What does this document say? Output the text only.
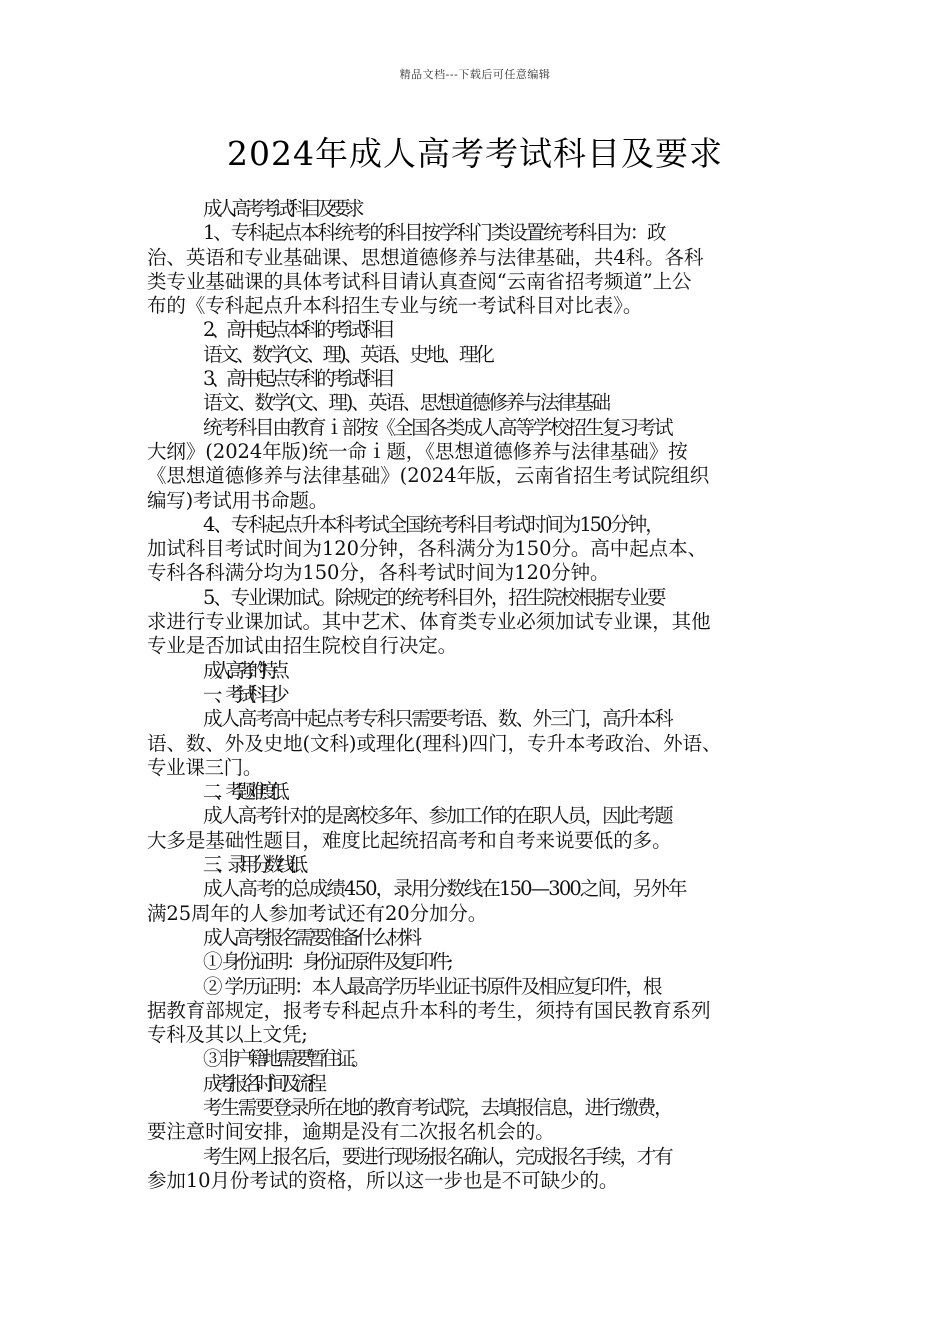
精品文档---下载后可任意编辑
2024年成人高考考试科目及要求
成人高考考试科目及要求
1、专科起点本科统考的科目按学科门类设置统考科目为：政
治、英语和专业基础课、思想道德修养与法律基础，共4科。各科
类专业基础课的具体考试科目请认真查阅“云南省招考频道”上公
布的《专科起点升本科招生专业与统一考试科目对比表》。
2、高中起点本科的考试科目
语文、数学(文、理)、英语、史地、理化
3、高中起点专科的考试科目
语文、数学(文、理)、英语、思想道德修养与法律基础
统考科目由教育ｉ部按《全国各类成人高等学校招生复习考试
大纲》(2024年版)统一命ｉ题，《思想道德修养与法律基础》按
《思想道德修养与法律基础》(2024年版，云南省招生考试院组织
编写)考试用书命题。
4、专科起点升本科考试全国统考科目考试时间为150分钟，
加试科目考试时间为120分钟，各科满分为150分。高中起点本、
专科各科满分均为150分，各科考试时间为120分钟。
5、专业课加试。除规定的统考科目外，招生院校根据专业要
求进行专业课加试。其中艺术、体育类专业必须加试专业课，其他
专业是否加试由招生院校自行决定。
成人高考的特点
一、考试科目少
成人高考高中起点考专科只需要考语、数、外三门，高升本科
语、数、外及史地(文科)或理化(理科)四门，专升本考政治、外语、
专业课三门。
二、考题难度低
成人高考针对的是离校多年、参加工作的在职人员，因此考题
大多是基础性题目，难度比起统招高考和自考来说要低的多。
三、录用分数线低
成人高考的总成绩450，录用分数线在150—300之间，另外年
满25周年的人参加考试还有20分加分。
成人高考报名需要准备什么材料
① 身份证明：身份证原件及复印件;
② 学历证明：本人最高学历毕业证书原件及相应复印件，根
据教育部规定，报考专科起点升本科的考生，须持有国民教育系列
专科及其以上文凭;
③ 非户籍地需要暂住证。
成考报名时间及流程
考生需要登录所在地的教育考试院，去填报信息，进行缴费，
要注意时间安排，逾期是没有二次报名机会的。
考生网上报名后，要进行现场报名确认，完成报名手续，才有
参加10月份考试的资格，所以这一步也是不可缺少的。
